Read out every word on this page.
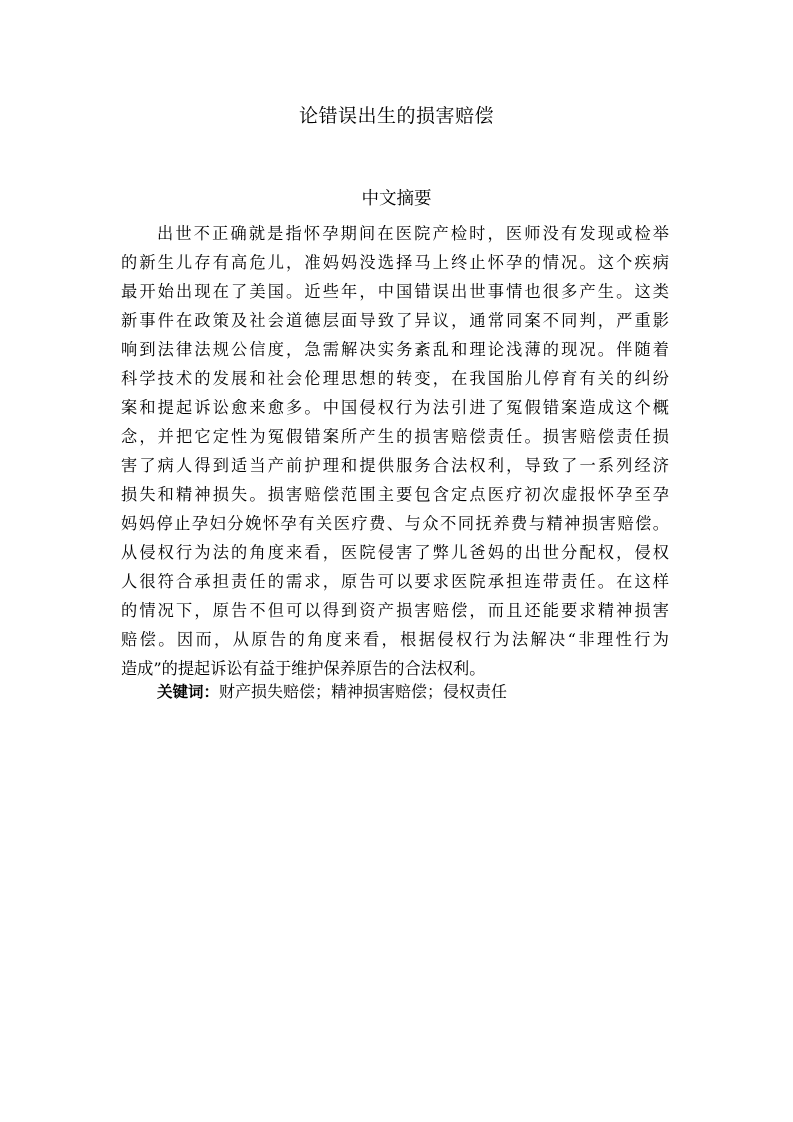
论错误出生的损害赔偿
中文摘要
出世不正确就是指怀孕期间在医院产检时，医师没有发现或检举
的新生儿存有高危儿，准妈妈没选择马上终止怀孕的情况。这个疾病
最开始出现在了美国。近些年，中国错误出世事情也很多产生。这类
新事件在政策及社会道德层面导致了异议，通常同案不同判，严重影
响到法律法规公信度，急需解决实务紊乱和理论浅薄的现况。伴随着
科学技术的发展和社会伦理思想的转变，在我国胎儿停育有关的纠纷
案和提起诉讼愈来愈多。中国侵权行为法引进了冤假错案造成这个概
念，并把它定性为冤假错案所产生的损害赔偿责任。损害赔偿责任损
害了病人得到适当产前护理和提供服务合法权利，导致了一系列经济
损失和精神损失。损害赔偿范围主要包含定点医疗初次虚报怀孕至孕
妈妈停止孕妇分娩怀孕有关医疗费、与众不同抚养费与精神损害赔偿。
从侵权行为法的角度来看，医院侵害了弊儿爸妈的出世分配权，侵权
人很符合承担责任的需求，原告可以要求医院承担连带责任。在这样
的情况下，原告不但可以得到资产损害赔偿，而且还能要求精神损害
赔偿。因而，从原告的角度来看，根据侵权行为法解决“非理性行为
造成”的提起诉讼有益于维护保养原告的合法权利。
关键词：财产损失赔偿；精神损害赔偿；侵权责任
